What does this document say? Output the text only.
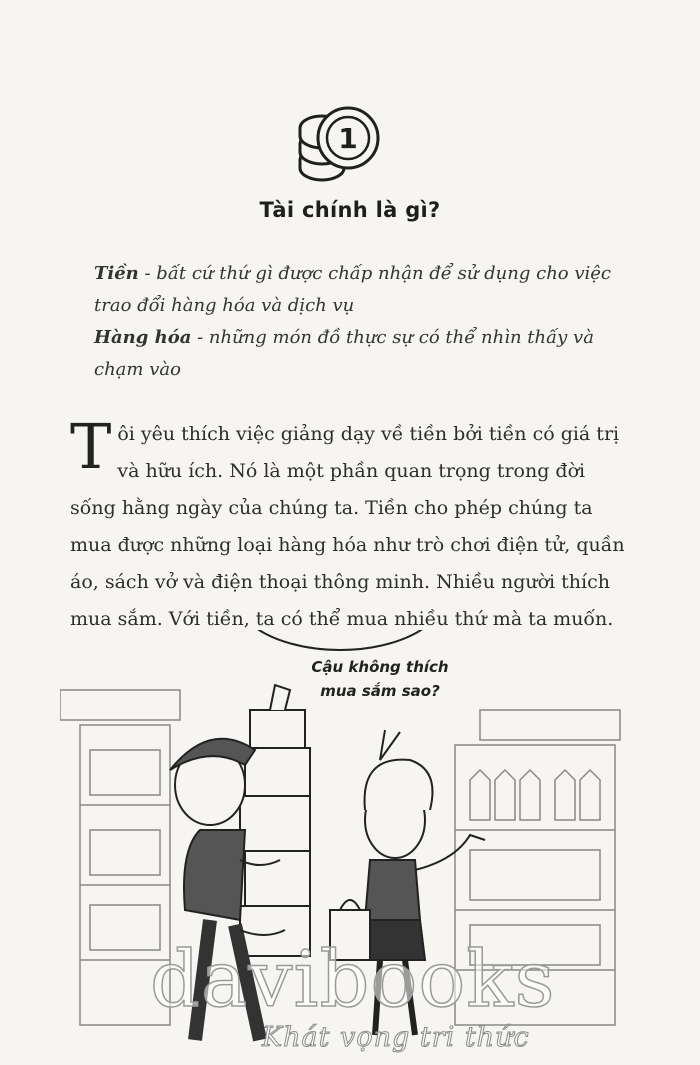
1
Tài chính là gì?
Tiền - bất cứ thứ gì được chấp nhận để sử dụng cho việc trao đổi hàng hóa và dịch vụ
Hàng hóa - những món đồ thực sự có thể nhìn thấy và chạm vào
Tôi yêu thích việc giảng dạy về tiền bởi tiền có giá trị và hữu ích. Nó là một phần quan trọng trong đời sống hằng ngày của chúng ta. Tiền cho phép chúng ta mua được những loại hàng hóa như trò chơi điện tử, quần áo, sách vở và điện thoại thông minh. Nhiều người thích mua sắm. Với tiền, ta có thể mua nhiều thứ mà ta muốn.
Cậu không thích
mua sắm sao?
davibooks
Khát vọng tri thức
